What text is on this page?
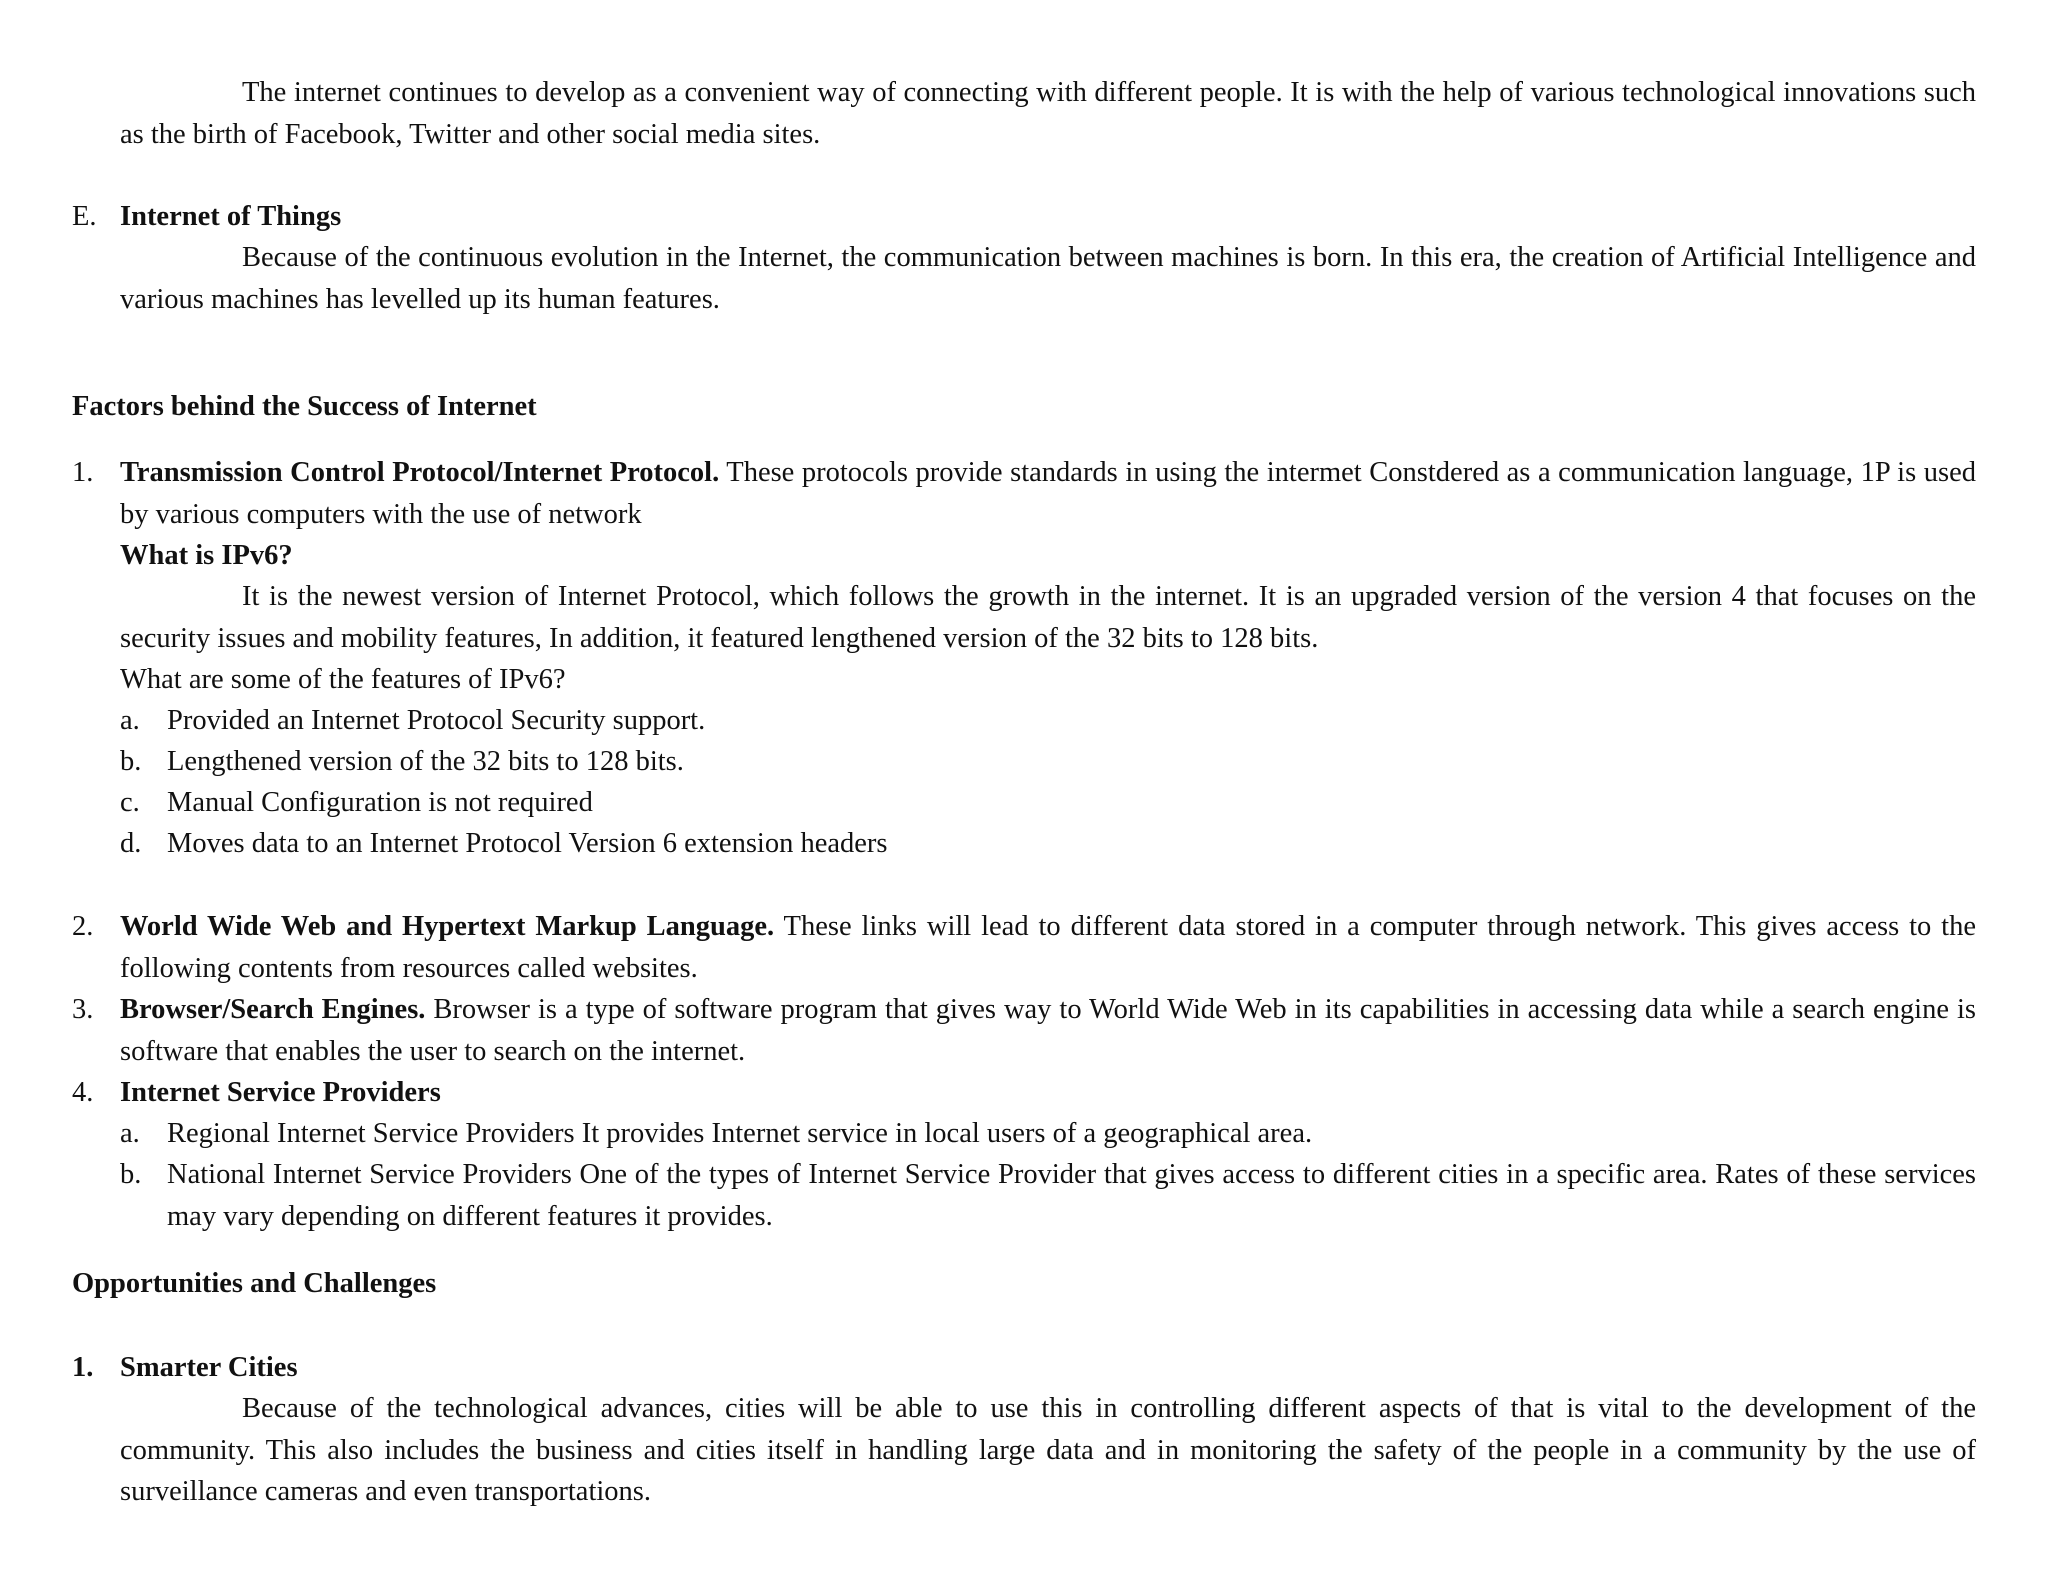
The internet continues to develop as a convenient way of connecting with different people. It is with the help of various technological innovations such as the birth of Facebook, Twitter and other social media sites.
E. Internet of Things
Because of the continuous evolution in the Internet, the communication between machines is born. In this era, the creation of Artificial Intelligence and various machines has levelled up its human features.
Factors behind the Success of Internet
1. Transmission Control Protocol/Internet Protocol. These protocols provide standards in using the intermet Constdered as a communication language, 1P is used by various computers with the use of network
What is IPv6?
It is the newest version of Internet Protocol, which follows the growth in the internet. It is an upgraded version of the version 4 that focuses on the security issues and mobility features, In addition, it featured lengthened version of the 32 bits to 128 bits.
What are some of the features of IPv6?
a. Provided an Internet Protocol Security support.
b. Lengthened version of the 32 bits to 128 bits.
c. Manual Configuration is not required
d. Moves data to an Internet Protocol Version 6 extension headers
2. World Wide Web and Hypertext Markup Language. These links will lead to different data stored in a computer through network. This gives access to the following contents from resources called websites.
3. Browser/Search Engines. Browser is a type of software program that gives way to World Wide Web in its capabilities in accessing data while a search engine is software that enables the user to search on the internet.
4. Internet Service Providers
a. Regional Internet Service Providers It provides Internet service in local users of a geographical area.
b. National Internet Service Providers One of the types of Internet Service Provider that gives access to different cities in a specific area. Rates of these services may vary depending on different features it provides.
Opportunities and Challenges
1. Smarter Cities
Because of the technological advances, cities will be able to use this in controlling different aspects of that is vital to the development of the community. This also includes the business and cities itself in handling large data and in monitoring the safety of the people in a community by the use of surveillance cameras and even transportations.
